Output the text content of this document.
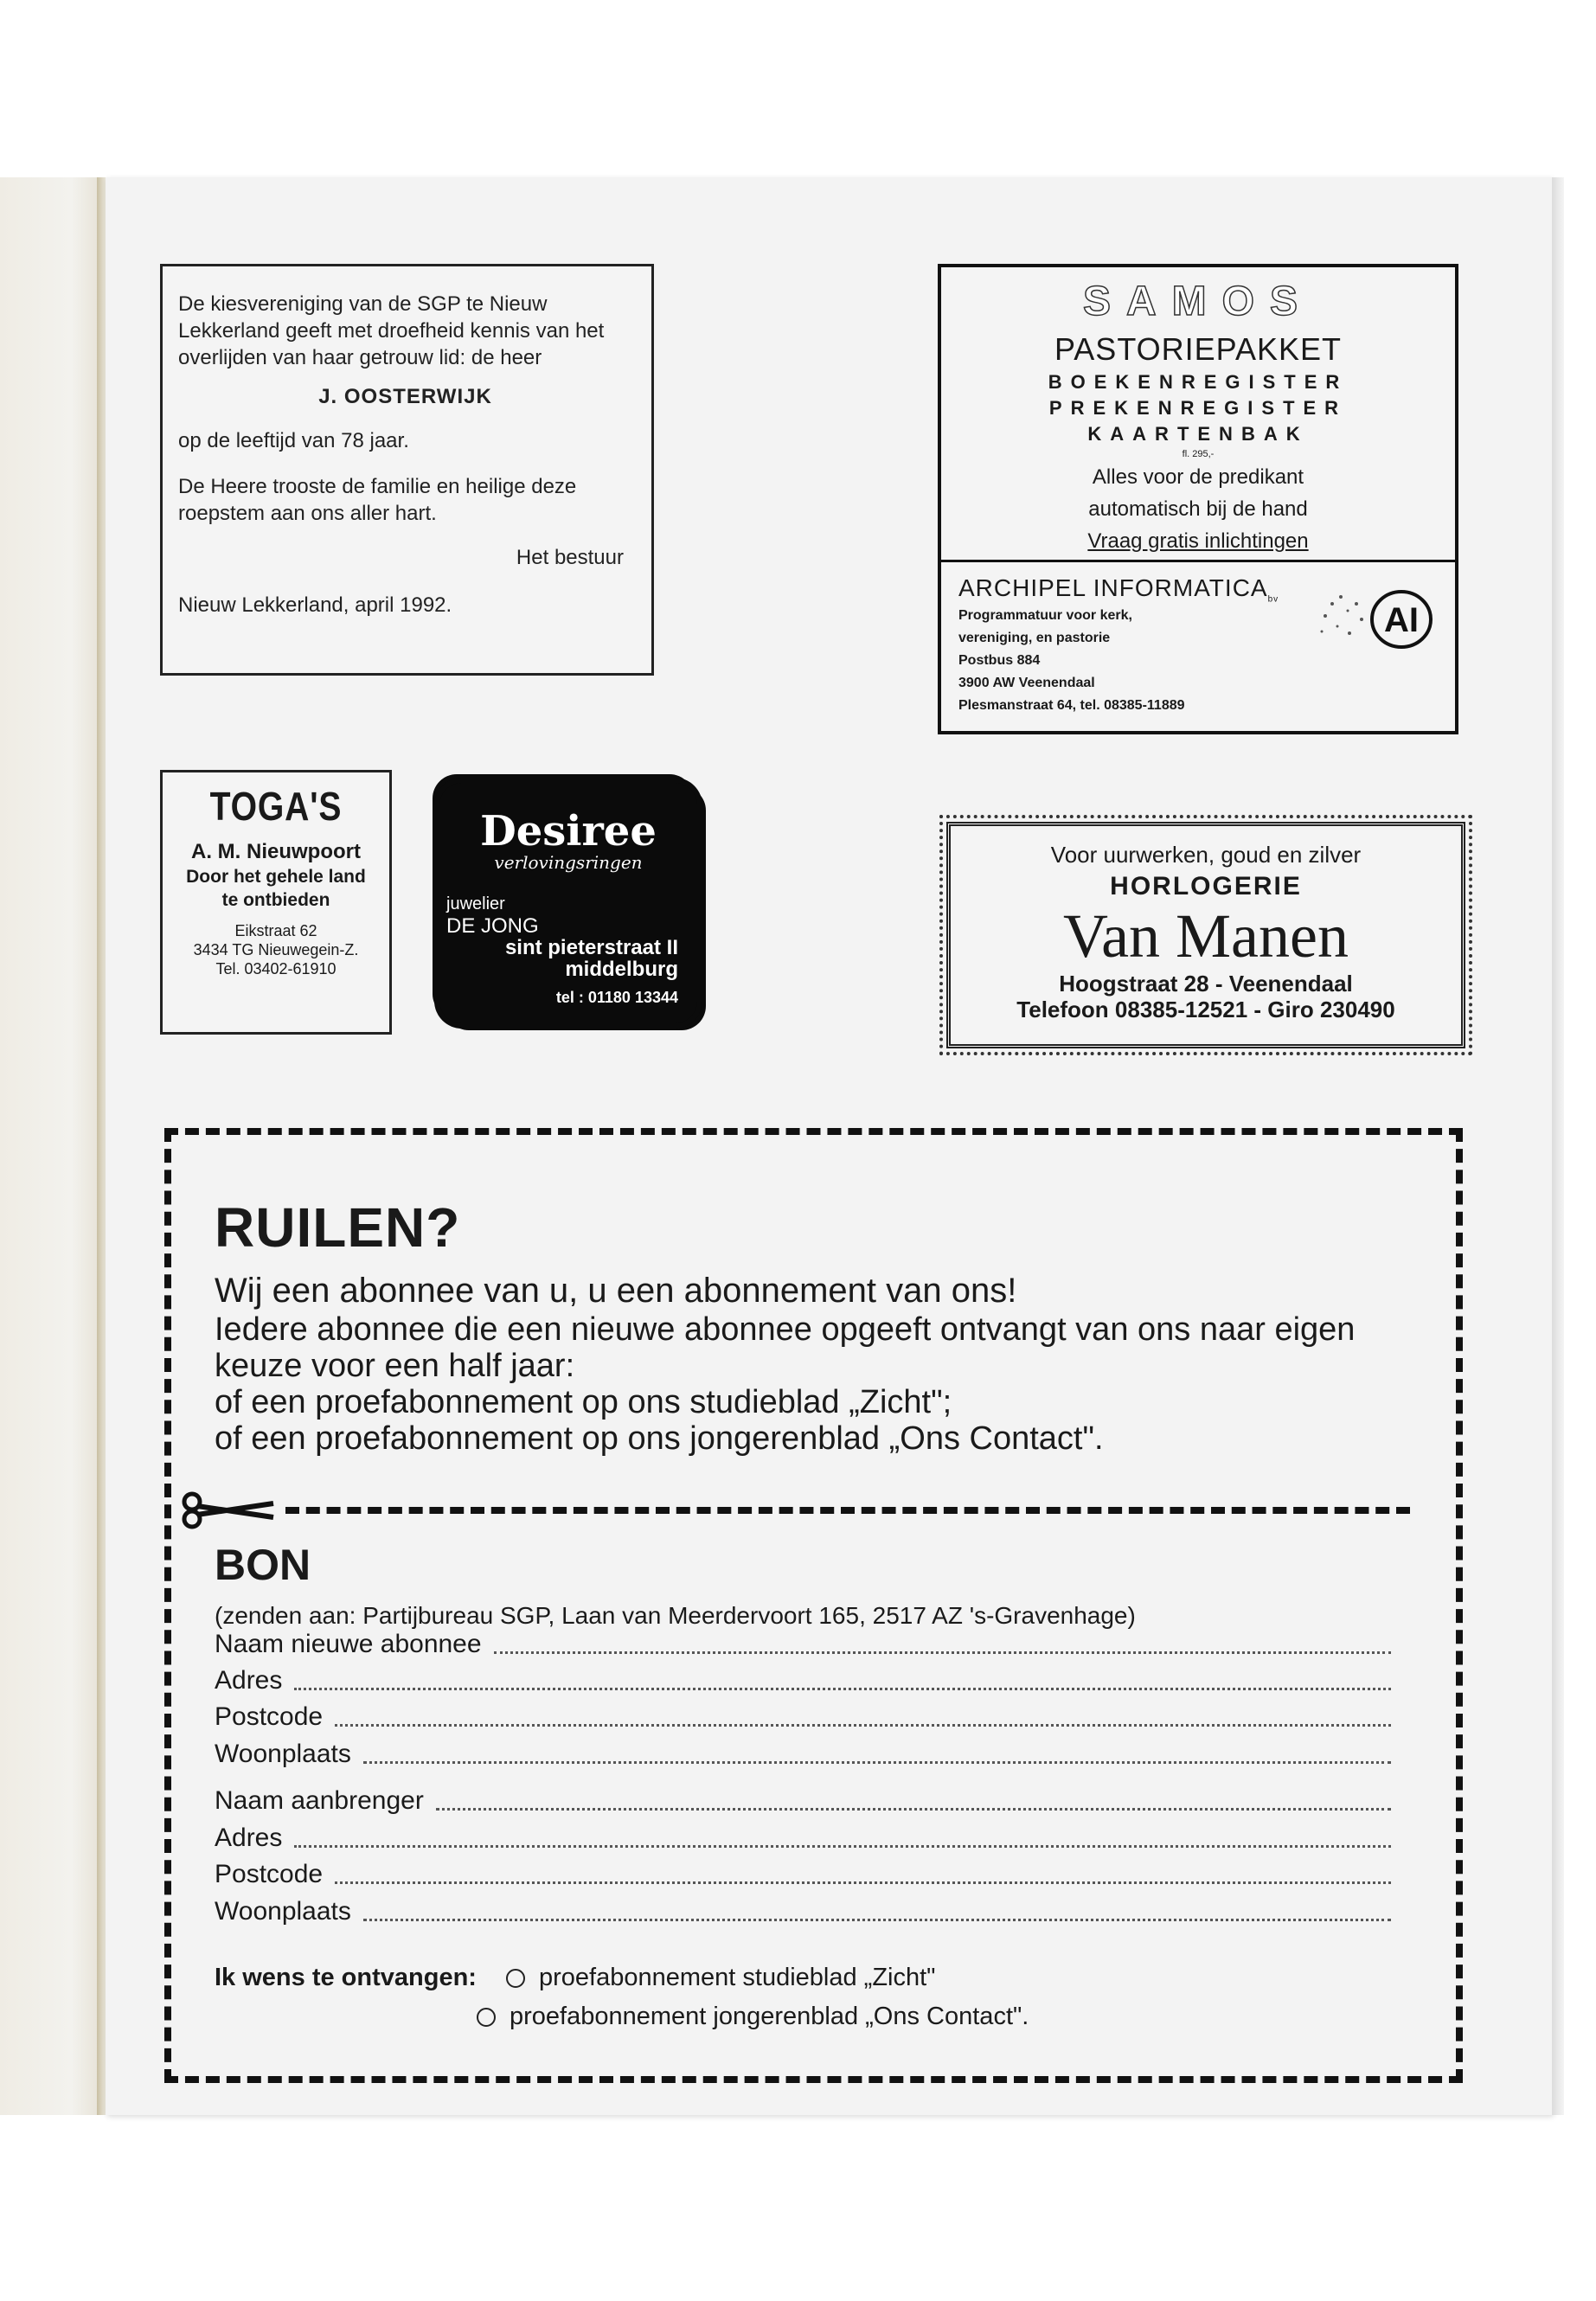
De kiesvereniging van de SGP te Nieuw Lekkerland geeft met droefheid kennis van het overlijden van haar getrouw lid: de heer

J. OOSTERWIJK

op de leeftijd van 78 jaar.

De Heere trooste de familie en heilige deze roepstem aan ons aller hart.

Het bestuur

Nieuw Lekkerland, april 1992.

SAMOS
PASTORIEPAKKET
BOEKENREGISTER
PREKENREGISTER
KAARTENBAK
fl. 295,-
Alles voor de predikant
automatisch bij de hand
Vraag gratis inlichtingen
ARCHIPEL $INFORMATICA_{bv}$
Programmatuur voor kerk,
vereniging, en pastorie
Postbus 884
3900 AW Veenendaal
Plesmanstraat 64, tel. 08385-11889
AI
TOGA'S
A. M. Nieuwpoort
Door het gehele land
te ontbieden
Eikstraat 62
3434 TG Nieuwegein-Z.
Tel. 03402-61910
Desiree
verlovingsringen
juwelier
DE JONG
sint pieterstraat II
middelburg
tel : 01180 13344
Voor uurwerken, goud en zilver
HORLOGERIE
Van Manen
Hoogstraat 28 - Veenendaal
Telefoon 08385-12521 - Giro 230490
RUILEN?
Wij een abonnee van u, u een abonnement van ons!
Iedere abonnee die een nieuwe abonnee opgeeft ontvangt van ons naar eigen
keuze voor een half jaar:
of een proefabonnement op ons studieblad „Zicht";
of een proefabonnement op ons jongerenblad „Ons Contact".
BON
(zenden aan: Partijbureau SGP, Laan van Meerdervoort 165, 2517 AZ 's-Gravenhage)
Naam nieuwe abonnee
Adres
Postcode
Woonplaats
Naam aanbrenger
Adres
Postcode
Woonplaats
Ik wens te ontvangen: proefabonnement studieblad „Zicht"
proefabonnement jongerenblad „Ons Contact".
